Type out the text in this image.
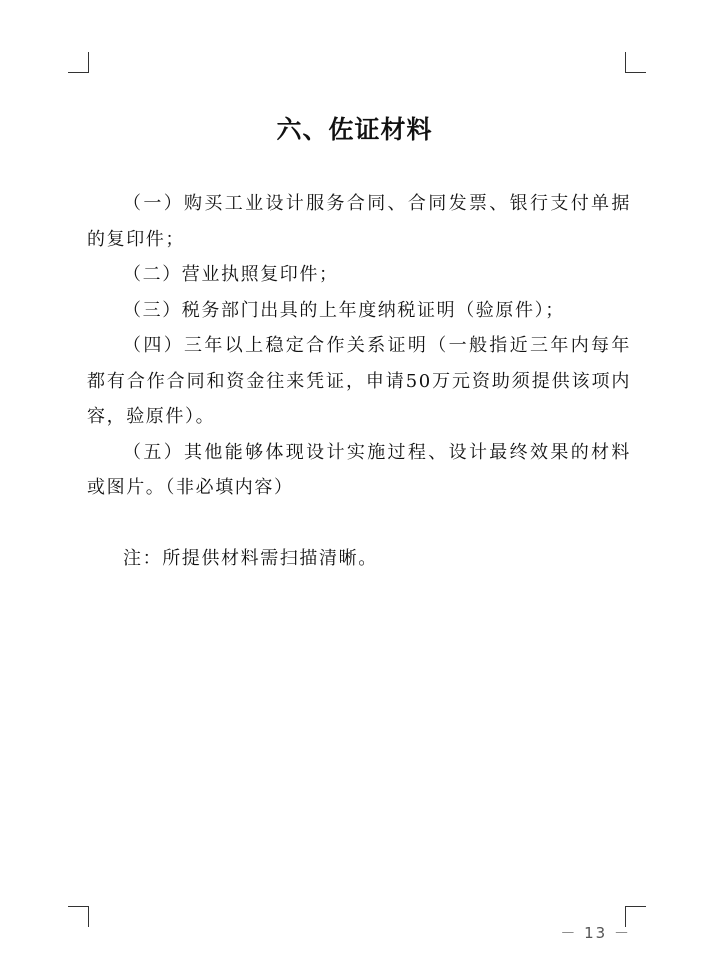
六、佐证材料

（一）购买工业设计服务合同、合同发票、银行支付单据的复印件；

（二）营业执照复印件；

（三）税务部门出具的上年度纳税证明（验原件）；

（四）三年以上稳定合作关系证明（一般指近三年内每年都有合作合同和资金往来凭证，申请50万元资助须提供该项内容，验原件）。

（五）其他能够体现设计实施过程、设计最终效果的材料或图片。（非必填内容）

注：所提供材料需扫描清晰。

－ 13 －
